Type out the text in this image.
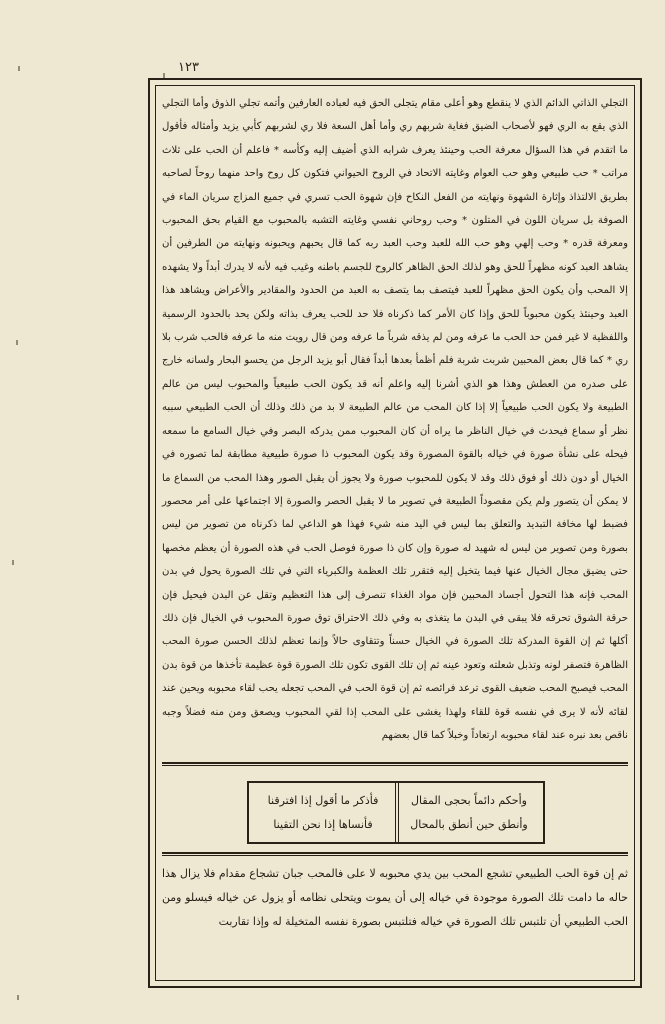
١٢٣

التجلي الذاتي الدائم الذي لا ينقطع وهو أعلى مقام يتجلى الحق فيه لعباده العارفين وأتمه تجلي الذوق وأما التجلي الذي يقع به الري فهو لأصحاب الضيق فغاية شربهم ري وأما أهل السعة فلا ري لشربهم كأبي يزيد وأمثاله فأقول ما اتقدم في هذا السؤال معرفة الحب وحينئذ يعرف شرابه الذي أضيف إليه وكأسه * فاعلم أن الحب على ثلاث مراتب * حب طبيعي وهو حب العوام وغايته الاتحاد في الروح الحيواني فتكون كل روح واحد منهما روحاً لصاحبه بطريق الالتذاذ وإثارة الشهوة ونهايته من الفعل النكاح فإن شهوة الحب تسري في جميع المزاج سريان الماء في الصوفة بل سريان اللون في المتلون * وحب روحاني نفسي وغايته التشبه بالمحبوب مع القيام بحق المحبوب ومعرفة قدره * وحب إلهي وهو حب الله للعبد وحب العبد ربه كما قال يحبهم ويحبونه ونهايته من الطرفين أن يشاهد العبد كونه مظهراً للحق وهو لذلك الحق الظاهر كالروح للجسم باطنه وغيب فيه لأنه لا يدرك أبداً ولا يشهده إلا المحب وأن يكون الحق مظهراً للعبد فيتصف بما يتصف به العبد من الحدود والمقادير والأعراض ويشاهد هذا العبد وحينئذ يكون محبوباً للحق وإذا كان الأمر كما ذكرناه فلا حد للحب يعرف بذاته ولكن يحد بالحدود الرسمية واللفظية لا غير فمن حد الحب ما عرفه ومن لم يذقه شرباً ما عرفه ومن قال رويت منه ما عرفه فالحب شرب بلا ري * كما قال بعض المحبين شربت شربة فلم أظمأ بعدها أبداً فقال أبو يزيد الرجل من يحسو البحار ولسانه خارج على صدره من العطش وهذا هو الذي أشرنا إليه واعلم أنه قد يكون الحب طبيعياً والمحبوب ليس من عالم الطبيعة ولا يكون الحب طبيعياً إلا إذا كان المحب من عالم الطبيعة لا بد من ذلك وذلك أن الحب الطبيعي سببه نظر أو سماع فيحدث في خيال الناظر ما يراه أن كان المحبوب ممن يدركه البصر وفي خيال السامع ما سمعه فيحله على نشأة صورة في خياله بالقوة المصورة وقد يكون المحبوب ذا صورة طبيعية مطابقة لما تصوره في الخيال أو دون ذلك أو فوق ذلك وقد لا يكون للمحبوب صورة ولا يجوز أن يقبل الصور وهذا المحب من السماع ما لا يمكن أن يتصور ولم يكن مقصوداً الطبيعة في تصوير ما لا يقبل الحصر والصورة إلا اجتماعها على أمر محصور فضبط لها مخافة التبديد والتعلق بما ليس في اليد منه شيء فهذا هو الداعي لما ذكرناه من تصوير من ليس بصورة ومن تصوير من ليس له شهيد له صورة وإن كان ذا صورة فوصل الحب في هذه الصورة أن يعظم مخصها حتى يضيق مجال الخيال عنها فيما يتخيل إليه فتقرر تلك العظمة والكبرياء التي في تلك الصورة يحول في بدن المحب فإنه هذا التحول أجساد المحبين فإن مواد الغذاء تنصرف إلى هذا التعظيم وتقل عن البدن فيحيل فإن حرقة الشوق تحرقه فلا يبقى في البدن ما يتغذى به وفي ذلك الاحتراق توق صورة المحبوب في الخيال فإن ذلك أكلها ثم إن القوة المدركة تلك الصورة في الخيال حسناً وتتقاوى حالاً وإنما تعظم لذلك الحسن صورة المحب الظاهرة فتصفر لونه وتذبل شعلته وتعود عينه ثم إن تلك القوى تكون تلك الصورة قوة عظيمة تأخذها من قوة بدن المحب فيصبح المحب ضعيف القوى ترعد فرائصه ثم إن قوة الحب في المحب تجعله يحب لقاء محبوبه ويحين عند لقائه لأنه لا يرى في نفسه قوة للقاء ولهذا يغشى على المحب إذا لقي المحبوب ويصعق ومن منه فضلاً وجبه ناقص بعد نبره عند لقاء محبوبه ارتعاداً وخبلاً كما قال بعضهم

وأحكم دائماً بحجى المقال
وأنطق حين أنطق بالمحال
فأذكر ما أقول إذا افترقنا
فأنساها إذا نحن التقينا

ثم إن قوة الحب الطبيعي تشجع المحب بين يدي محبوبه لا على فالمحب جبان تشجاع مقدام فلا يزال هذا حاله ما دامت تلك الصورة موجودة في خياله إلى أن يموت ويتحلى نظامه أو يزول عن خياله فيسلو ومن الحب الطبيعي أن تلتبس تلك الصورة في خياله فتلتبس بصورة نفسه المتخيلة له وإذا تقاربت
